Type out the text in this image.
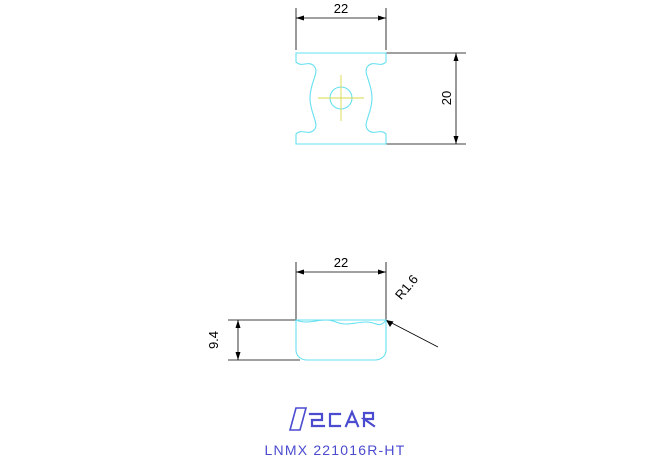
22
20
22
9.4
R1.6
LNMX 221016R-HT
